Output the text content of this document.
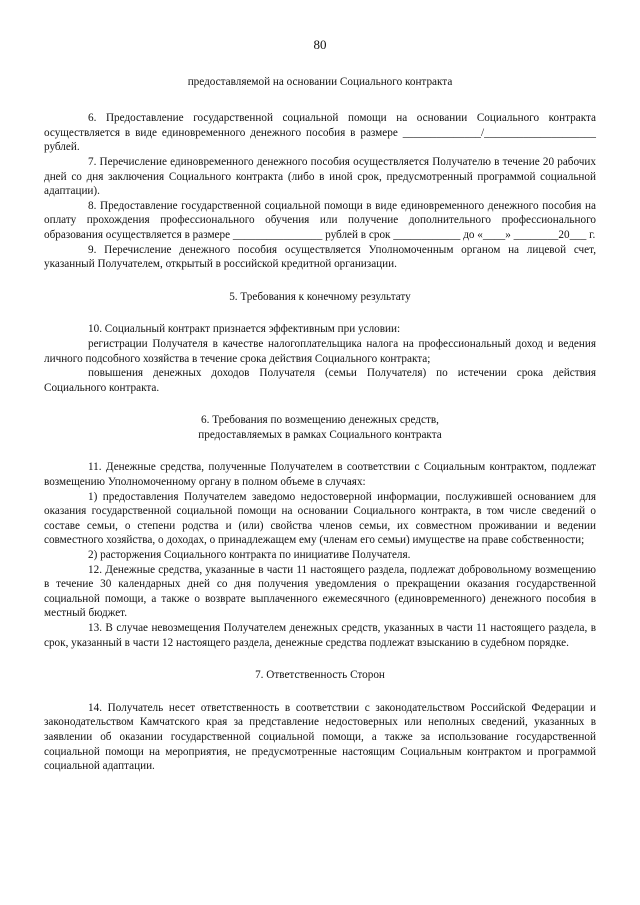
80

предоставляемой на основании Социального контракта

6. Предоставление государственной социальной помощи на основании Социального контракта осуществляется в виде единовременного денежного пособия в размере ______________/____________________ рублей.

7. Перечисление единовременного денежного пособия осуществляется Получателю в течение 20 рабочих дней со дня заключения Социального контракта (либо в иной срок, предусмотренный программой социальной адаптации).

8. Предоставление государственной социальной помощи в виде единовременного денежного пособия на оплату прохождения профессионального обучения или получение дополнительного профессионального образования осуществляется в размере ________________ рублей в срок ____________ до «____» ________20___ г.

9. Перечисление денежного пособия осуществляется Уполномоченным органом на лицевой счет, указанный Получателем, открытый в российской кредитной организации.

5. Требования к конечному результату

10. Социальный контракт признается эффективным при условии:

регистрации Получателя в качестве налогоплательщика налога на профессиональный доход и ведения личного подсобного хозяйства в течение срока действия Социального контракта;

повышения денежных доходов Получателя (семьи Получателя) по истечении срока действия Социального контракта.

6. Требования по возмещению денежных средств,

предоставляемых в рамках Социального контракта

11. Денежные средства, полученные Получателем в соответствии с Социальным контрактом, подлежат возмещению Уполномоченному органу в полном объеме в случаях:

1) предоставления Получателем заведомо недостоверной информации, послужившей основанием для оказания государственной социальной помощи на основании Социального контракта, в том числе сведений о составе семьи, о степени родства и (или) свойства членов семьи, их совместном проживании и ведении совместного хозяйства, о доходах, о принадлежащем ему (членам его семьи) имуществе на праве собственности;

2) расторжения Социального контракта по инициативе Получателя.

12. Денежные средства, указанные в части 11 настоящего раздела, подлежат добровольному возмещению в течение 30 календарных дней со дня получения уведомления о прекращении оказания государственной социальной помощи, а также о возврате выплаченного ежемесячного (единовременного) денежного пособия в местный бюджет.

13. В случае невозмещения Получателем денежных средств, указанных в части 11 настоящего раздела, в срок, указанный в части 12 настоящего раздела, денежные средства подлежат взысканию в судебном порядке.

7. Ответственность Сторон

14. Получатель несет ответственность в соответствии с законодательством Российской Федерации и законодательством Камчатского края за представление недостоверных или неполных сведений, указанных в заявлении об оказании государственной социальной помощи, а также за использование государственной социальной помощи на мероприятия, не предусмотренные настоящим Социальным контрактом и программой социальной адаптации.
